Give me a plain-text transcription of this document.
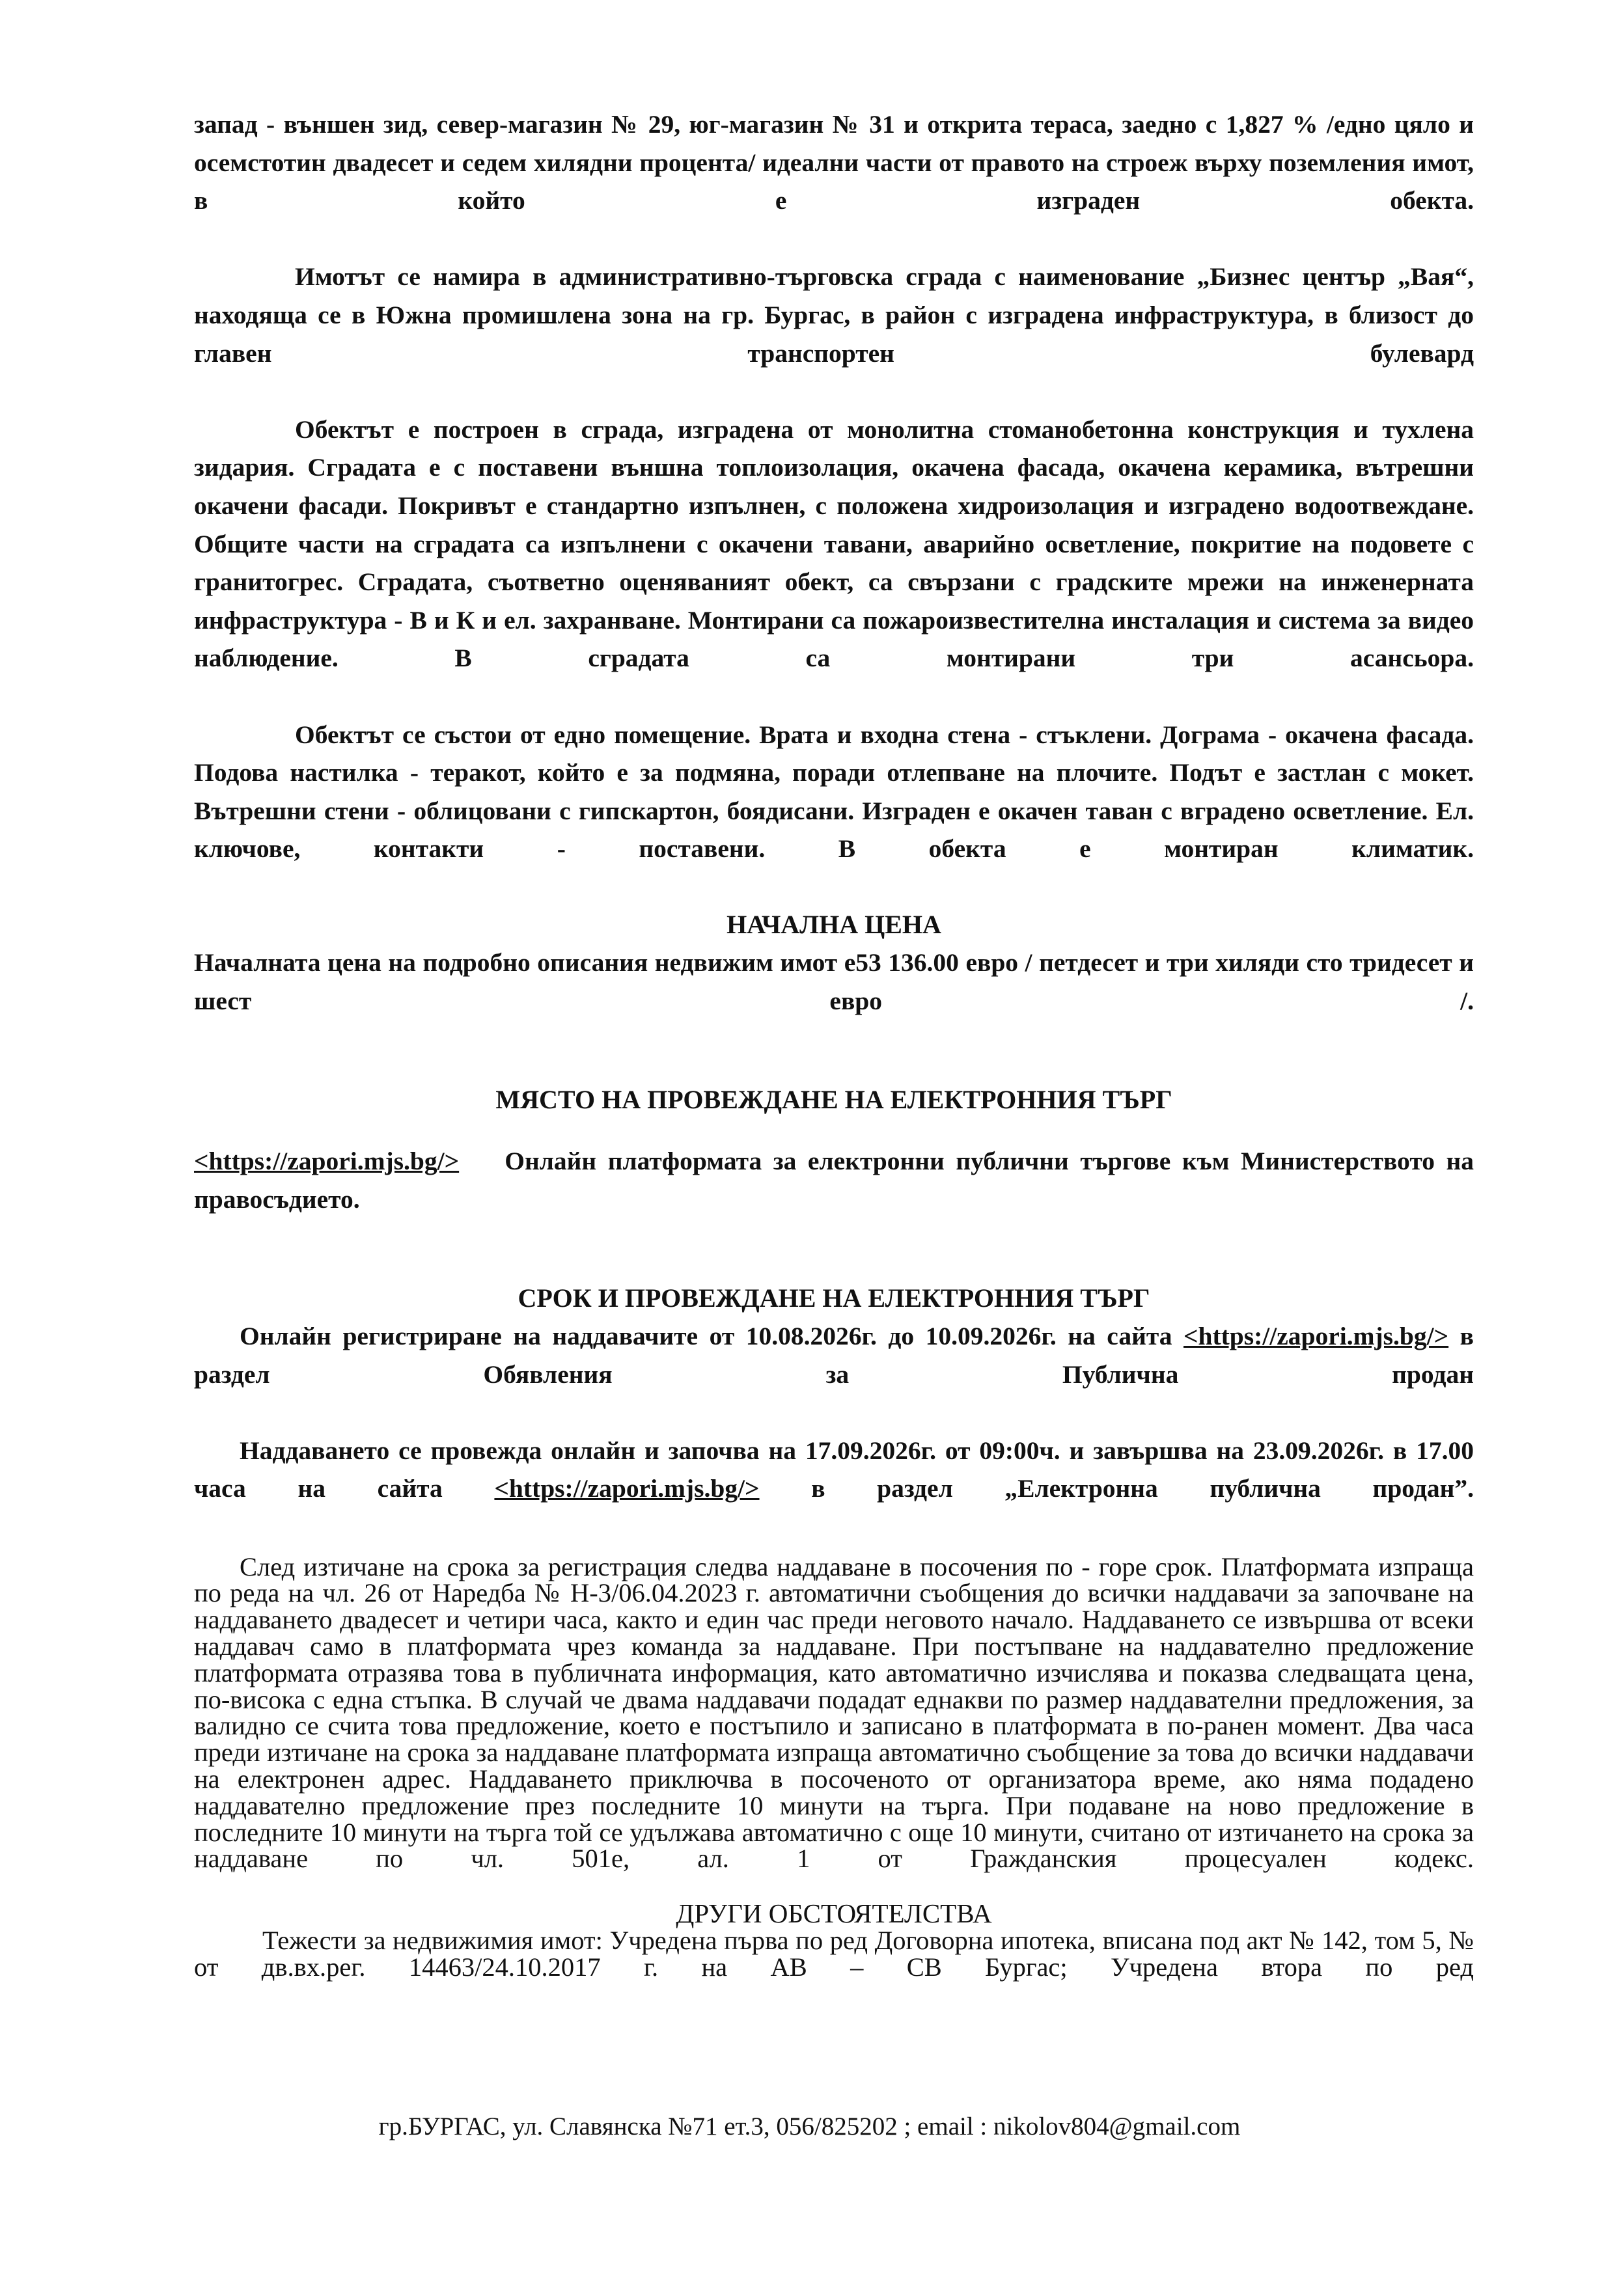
запад - външен зид, север-магазин № 29, юг-магазин № 31 и открита тераса, заедно с 1,827 % /едно цяло и осемстотин двадесет и седем хилядни процента/ идеални части от правото на строеж върху поземления имот, в който е изграден обекта.

Имотът се намира в административно-търговска сграда с наименование „Бизнес център „Вая“, находяща се в Южна промишлена зона на гр. Бургас, в район с изградена инфраструктура, в близост до главен транспортен булевард

Обектът е построен в сграда, изградена от монолитна стоманобетонна конструкция и тухлена зидария. Сградата е с поставени външна топлоизолация, окачена фасада, окачена керамика, вътрешни окачени фасади. Покривът е стандартно изпълнен, с положена хидроизолация и изградено водоотвеждане. Общите части на сградата са изпълнени с окачени тавани, аварийно осветление, покритие на подовете с гранитогрес. Сградата, съответно оценяваният обект, са свързани с градските мрежи на инженерната инфраструктура - В и К и ел. захранване. Монтирани са пожароизвестителна инсталация и система за видео наблюдение. В сградата са монтирани три асансьора.

Обектът се състои от едно помещение. Врата и входна стена - стъклени. Дограма - окачена фасада. Подова настилка - теракот, който е за подмяна, поради отлепване на плочите. Подът е застлан с мокет. Вътрешни стени - облицовани с гипскартон, боядисани. Изграден е окачен таван с вградено осветление. Ел. ключове, контакти - поставени. В обекта е монтиран климатик.

НАЧАЛНА ЦЕНА

Началната цена на подробно описания недвижим имот е53 136.00 евро / петдесет и три хиляди сто тридесет и шест евро /.

МЯСТО НА ПРОВЕЖДАНЕ НА ЕЛЕКТРОННИЯ ТЪРГ

<https://zapori.mjs.bg/> Онлайн платформата за електронни публични търгове към Министерството на правосъдието.

СРОК И ПРОВЕЖДАНЕ НА ЕЛЕКТРОННИЯ ТЪРГ

Онлайн регистриране на наддавачите от 10.08.2026г. до 10.09.2026г. на сайта <https://zapori.mjs.bg/> в раздел Обявления за Публична продан

Наддаването се провежда онлайн и започва на 17.09.2026г. от 09:00ч. и завършва на 23.09.2026г. в 17.00 часа на сайта <https://zapori.mjs.bg/> в раздел „Електронна публична продан”.

След изтичане на срока за регистрация следва наддаване в посочения по - горе срок. Платформата изпраща по реда на чл. 26 от Наредба № Н-3/06.04.2023 г. автоматични съобщения до всички наддавачи за започване на наддаването двадесет и четири часа, както и един час преди неговото начало. Наддаването се извършва от всеки наддавач само в платформата чрез команда за наддаване. При постъпване на наддавателно предложение платформата отразява това в публичната информация, като автоматично изчислява и показва следващата цена, по-висока с една стъпка. В случай че двама наддавачи подадат еднакви по размер наддавателни предложения, за валидно се счита това предложение, което е постъпило и записано в платформата в по-ранен момент. Два часа преди изтичане на срока за наддаване платформата изпраща автоматично съобщение за това до всички наддавачи на електронен адрес. Наддаването приключва в посоченото от организатора време, ако няма подадено наддавателно предложение през последните 10 минути на търга. При подаване на ново предложение в последните 10 минути на търга той се удължава автоматично с още 10 минути, считано от изтичането на срока за наддаване по чл. 501е, ал. 1 от Гражданския процесуален кодекс.

ДРУГИ ОБСТОЯТЕЛСТВА

Тежести за недвижимия имот: Учредена първа по ред Договорна ипотека, вписана под акт № 142, том 5, № от дв.вх.рег. 14463/24.10.2017 г. на АВ – СВ Бургас; Учредена втора по ред

гр.БУРГАС, ул. Славянска №71 ет.3, 056/825202 ; email : nikolov804@gmail.com
